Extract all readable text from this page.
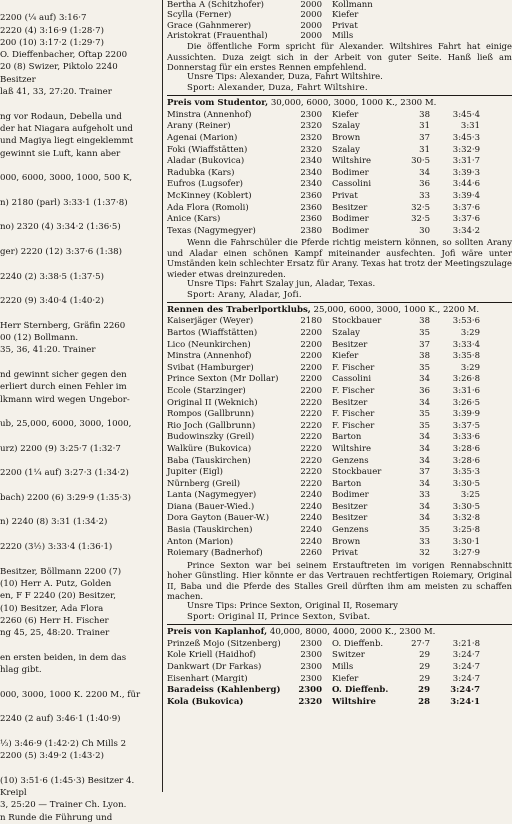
2200 (¼ auf) 3:16·7
2220 (4) 3:16·9 (1:28·7)
200 (10) 3:17·2 (1:29·7)
O. Dieffenbacher, Oftap 2200
20 (8) Swizer, Piktolo 2240
Besitzer
laß 41, 33, 27:20. Trainer
ng vor Rodaun, Debella und
der hat Niagara aufgeholt und
und Magiya liegt eingeklemmt
gewinnt sie Luft, kann aber
000, 6000, 3000, 1000, 500 K,
n) 2180 (parl) 3:33·1 (1:37·8)
no) 2320 (4) 3:34·2 (1:36·5)
ger) 2220 (12) 3:37·6 (1:38)
2240 (2) 3:38·5 (1:37·5)
2220 (9) 3:40·4 (1:40·2)
Herr Sternberg, Gräfin 2260
00 (12) Bollmann.
35, 36, 41:20. Trainer
nd gewinnt sicher gegen den
erliert durch einen Fehler im
lkmann wird wegen Ungebor-
ub, 25,000, 6000, 3000, 1000,
urz) 2200 (9) 3:25·7 (1:32·7
2200 (1¼ auf) 3:27·3 (1:34·2)
bach) 2200 (6) 3:29·9 (1:35·3)
n) 2240 (8) 3:31 (1:34·2)
2220 (3½) 3:33·4 (1:36·1)
Besitzer, Böllmann 2200 (7)
(10) Herr A. Putz, Golden
en, F F 2240 (20) Besitzer,
(10) Besitzer, Ada Flora
2260 (6) Herr H. Fischer
ng 45, 25, 48:20. Trainer
en ersten beiden, in dem das
hlag gibt.
000, 3000, 1000 K. 2200 M., für
2240 (2 auf) 3:46·1 (1:40·9)
⅓) 3:46·9 (1:42·2) Ch Mills 2
2200 (5) 3:49·2 (1:43·2)
(10) 3:51·6 (1:45·3) Besitzer 4.
Kreipl
3, 25:20 — Trainer Ch. Lyon.
n Runde die Führung und
Bertha A (Schitzhofer)	2000	Kollmann
Scylla (Ferner)	2000	Kiefer
Grace (Gahnmerer)	2000	Privat
Aristokrat (Frauenthal)	2000	Mills

Die öffentliche Form spricht für Alexander. Wiltshires Fahrt hat einige Aussichten. Duza zeigt sich in der Arbeit von guter Seite. Hanß ließ am Donnerstag für ein erstes Rennen empfehlend.

Unsre Tips: Alexander, Duza, Fahrt Wiltshire.

Sport: Alexander, Duza, Fahrt Wiltshire.

Preis vom Studentor, 30,000, 6000, 3000, 1000 K., 2300 M.

Minstra (Annenhof)	2300	Kiefer	38	3:45·4
Arany (Reiner)	2320	Szalay	31	3:31
Agenai (Marion)	2320	Brown	37	3:45·3
Foki (Wiaffstätten)	2320	Szalay	31	3:32·9
Aladar (Bukovica)	2340	Wiltshire	30·5	3:31·7
Radubka (Kars)	2340	Bodimer	34	3:39·3
Eufros (Lugsofer)	2340	Cassolini	36	3:44·6
McKinney (Koblert)	2360	Privat	33	3:39·4
Ada Flora (Romoli)	2360	Besitzer	32·5	3:37·6
Anice (Kars)	2360	Bodimer	32·5	3:37·6
Texas (Nagymegyer)	2380	Bodimer	30	3:34·2

Wenn die Fahrschüler die Pferde richtig meistern können, so sollten Arany und Aladar einen schönen Kampf miteinander ausfechten. Jofi wäre unter Umständen kein schlechter Ersatz für Arany. Texas hat trotz der Meetingszulage wieder etwas dreinzureden.

Unsre Tips: Fahrt Szalay jun, Aladar, Texas.

Sport: Arany, Aladar, Jofi.

Rennen des Traberlportklubs, 25,000, 6000, 3000, 1000 K., 2200 M.

Kaiserjäger (Weyer)	2180	Stockbauer	38	3:53·6
Bartos (Wiaffstätten)	2200	Szalay	35	3:29
Lico (Neunkirchen)	2200	Besitzer	37	3:33·4
Minstra (Annenhof)	2200	Kiefer	38	3:35·8
Svibat (Hamburger)	2200	F. Fischer	35	3:29
Prince Sexton (Mr Dollar)	2200	Cassolini	34	3:26·8
Ecole (Starzinger)	2200	F. Fischer	36	3:31·6
Original II (Weknich)	2220	Besitzer	34	3:26·5
Rompos (Gallbrunn)	2220	F. Fischer	35	3:39·9
Rio Joch (Gallbrunn)	2220	F. Fischer	35	3:37·5
Budowinszky (Greil)	2220	Barton	34	3:33·6
Walküre (Bukovica)	2220	Wiltshire	34	3:28·6
Baba (Tauskirchen)	2220	Genzens	34	3:28·6
Jupiter (Eigl)	2220	Stockbauer	37	3:35·3
Nürnberg (Greil)	2220	Barton	34	3:30·5
Lanta (Nagymegyer)	2240	Bodimer	33	3:25
Diana (Bauer-Wied.)	2240	Besitzer	34	3:30·5
Dora Gayton (Bauer-W.)	2240	Besitzer	34	3:32·8
Basia (Tauskirchen)	2240	Genzens	35	3:25·8
Anton (Marion)	2240	Brown	33	3:30·1
Roiemary (Badnerhof)	2260	Privat	32	3:27·9

Prince Sexton war bei seinem Erstauftreten im vorigen Rennabschnitt hoher Günstling. Hier könnte er das Vertrauen rechtfertigen Roiemary, Original II, Baba und die Pferde des Stalles Greil dürften ihm am meisten zu schaffen machen.

Unsre Tips: Prince Sexton, Original II, Rosemary

Sport: Original II, Prince Sexton, Svibat.

Preis von Kaplanhof, 40,000, 8000, 4000, 2000 K., 2300 M.

Prinzeß Mojo (Sitzenberg)	2300	O. Dieffenb.	27·7	3:21·8
Kole Kriell (Haidhof)	2300	Switzer	29	3:24·7
Dankwart (Dr Farkas)	2300	Mills	29	3:24·7
Eisenhart (Margit)	2300	Kiefer	29	3:24·7
Baradeiss (Kahlenberg)	2300	O. Dieffenb.	29	3:24·7
Kola (Bukovica)	2320	Wiltshire	28	3:24·1
